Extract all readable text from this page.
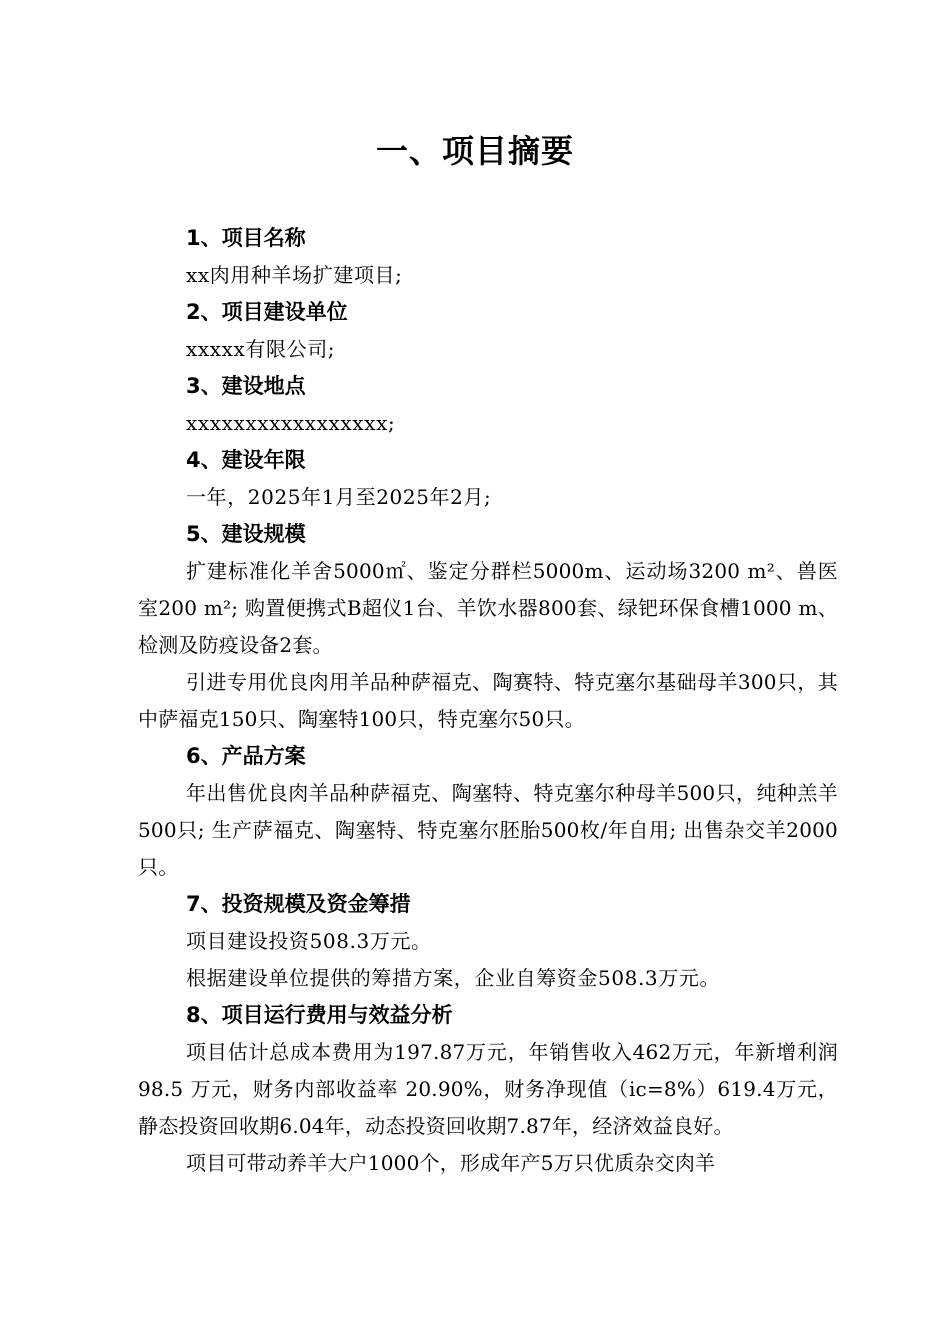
一、项目摘要

1、项目名称

xx肉用种羊场扩建项目;

2、项目建设单位

xxxxx有限公司;

3、建设地点

xxxxxxxxxxxxxxxxx;

4、建设年限

一年，2025年1月至2025年2月;

5、建设规模

扩建标准化羊舍5000㎡、鉴定分群栏5000m、运动场3200 m²、兽医室200 m²; 购置便携式B超仪1台、羊饮水器800套、绿钯环保食槽1000 m、检测及防疫设备2套。

引进专用优良肉用羊品种萨福克、陶赛特、特克塞尔基础母羊300只，其中萨福克150只、陶塞特100只，特克塞尔50只。

6、产品方案

年出售优良肉羊品种萨福克、陶塞特、特克塞尔种母羊500只，纯种羔羊500只; 生产萨福克、陶塞特、特克塞尔胚胎500枚/年自用; 出售杂交羊2000只。

7、投资规模及资金筹措

项目建设投资508.3万元。

根据建设单位提供的筹措方案，企业自筹资金508.3万元。

8、项目运行费用与效益分析

项目估计总成本费用为197.87万元，年销售收入462万元，年新增利润 98.5 万元，财务内部收益率 20.90%，财务净现值（ic=8%）619.4万元，静态投资回收期6.04年，动态投资回收期7.87年，经济效益良好。

项目可带动养羊大户1000个，形成年产5万只优质杂交肉羊
